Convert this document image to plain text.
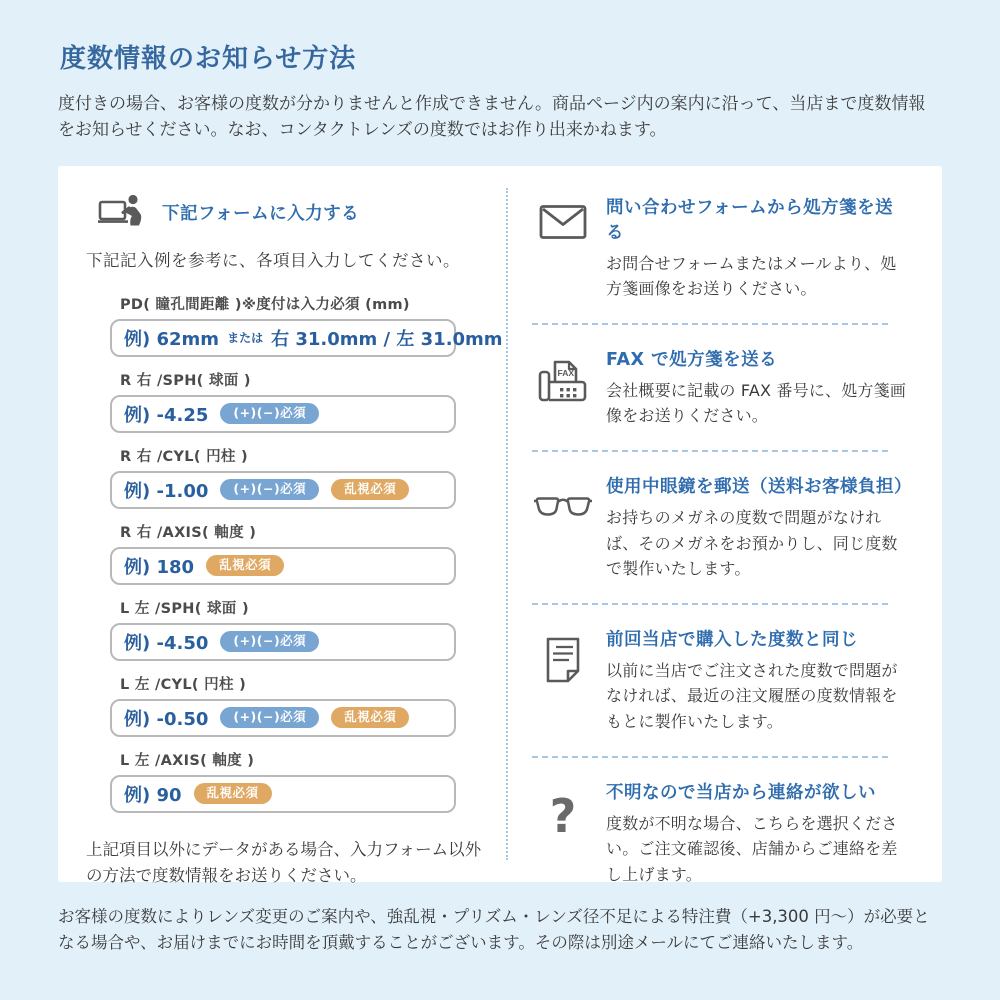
度数情報のお知らせ方法

度付きの場合、お客様の度数が分かりませんと作成できません。商品ページ内の案内に沿って、当店まで度数情報をお知らせください。なお、コンタクトレンズの度数ではお作り出来かねます。

下記フォームに入力する

下記記入例を参考に、各項目入力してください。

PD( 瞳孔間距離 )※度付は入力必須 (mm)
例) 62mm または 右 31.0mm / 左 31.0mm
R 右 /SPH( 球面 )
例) -4.25	(+)(−)必須
R 右 /CYL( 円柱 )
例) -1.00	(+)(−)必須	乱視必須
R 右 /AXIS( 軸度 )
例) 180	乱視必須
L 左 /SPH( 球面 )
例) -4.50	(+)(−)必須
L 左 /CYL( 円柱 )
例) -0.50	(+)(−)必須	乱視必須
L 左 /AXIS( 軸度 )
例) 90	乱視必須

上記項目以外にデータがある場合、入力フォーム以外の方法で度数情報をお送りください。

問い合わせフォームから処方箋を送る
お問合せフォームまたはメールより、処方箋画像をお送りください。
FAX
FAX で処方箋を送る
会社概要に記載の FAX 番号に、処方箋画像をお送りください。
使用中眼鏡を郵送（送料お客様負担）
お持ちのメガネの度数で問題がなければ、そのメガネをお預かりし、同じ度数で製作いたします。
前回当店で購入した度数と同じ
以前に当店でご注文された度数で問題がなければ、最近の注文履歴の度数情報をもとに製作いたします。
? 不明なので当店から連絡が欲しい
度数が不明な場合、こちらを選択ください。ご注文確認後、店舗からご連絡を差し上げます。

お客様の度数によりレンズ変更のご案内や、強乱視・プリズム・レンズ径不足による特注費（+3,300 円〜）が必要となる場合や、お届けまでにお時間を頂戴することがございます。その際は別途メールにてご連絡いたします。
